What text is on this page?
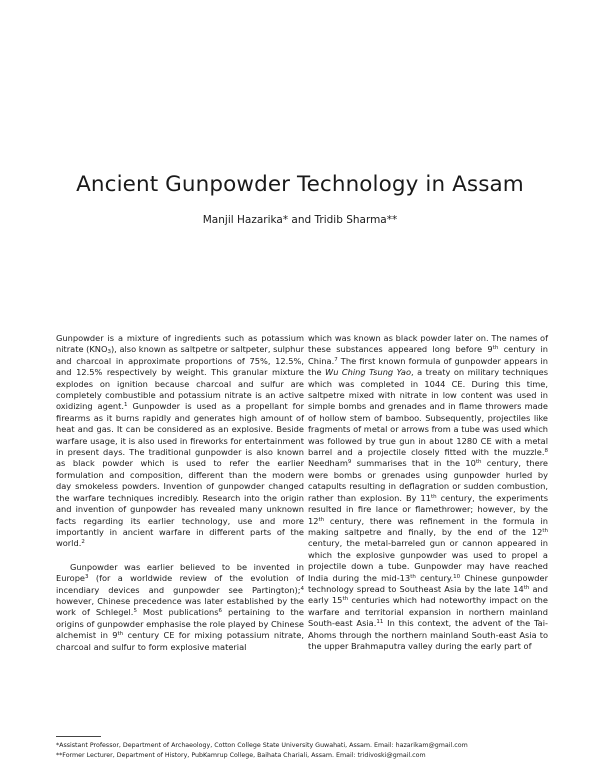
Ancient Gunpowder Technology in Assam
Manjil Hazarika* and Tridib Sharma**

Gunpowder is a mixture of ingredients such as potassium nitrate $(KNO_3)$, also known as saltpetre or saltpeter, sulphur and charcoal in approximate proportions of 75%, 12.5%, and 12.5% respectively by weight. This granular mixture explodes on ignition because charcoal and sulfur are completely combustible and potassium nitrate is an active oxidizing agent.$^1$ Gunpowder is used as a propellant for firearms as it burns rapidly and generates high amount of heat and gas. It can be considered as an explosive. Beside warfare usage, it is also used in fireworks for entertainment in present days. The traditional gunpowder is also known as black powder which is used to refer the earlier formulation and composition, different than the modern day smokeless powders. Invention of gunpowder changed the warfare techniques incredibly. Research into the origin and invention of gunpowder has revealed many unknown facts regarding its earlier technology, use and more importantly in ancient warfare in different parts of the world.$^2$

Gunpowder was earlier believed to be invented in Europe$^3$ (for a worldwide review of the evolution of incendiary devices and gunpowder see Partington);$^4$ however, Chinese precedence was later established by the work of Schlegel.$^5$ Most publications$^6$ pertaining to the origins of gunpowder emphasise the role played by Chinese alchemist in 9th century CE for mixing potassium nitrate, charcoal and sulfur to form explosive material

which was known as black powder later on. The names of these substances appeared long before 9th century in China.$^7$ The first known formula of gunpowder appears in the Wu Ching Tsung Yao, a treaty on military techniques which was completed in 1044 CE. During this time, saltpetre mixed with nitrate in low content was used in simple bombs and grenades and in flame throwers made of hollow stem of bamboo. Subsequently, projectiles like fragments of metal or arrows from a tube was used which was followed by true gun in about 1280 CE with a metal barrel and a projectile closely fitted with the muzzle.$^8$ Needham$^9$ summarises that in the 10th century, there were bombs or grenades using gunpowder hurled by catapults resulting in deflagration or sudden combustion, rather than explosion. By 11th century, the experiments resulted in fire lance or flamethrower; however, by the 12th century, there was refinement in the formula in making saltpetre and finally, by the end of the 12th century, the metal-barreled gun or cannon appeared in which the explosive gunpowder was used to propel a projectile down a tube. Gunpowder may have reached India during the mid-13th century.$^{10}$ Chinese gunpowder technology spread to Southeast Asia by the late 14th and early 15th centuries which had noteworthy impact on the warfare and territorial expansion in northern mainland South-east Asia.$^{11}$ In this context, the advent of the Tai-Ahoms through the northern mainland South-east Asia to the upper Brahmaputra valley during the early part of

*Assistant Professor, Department of Archaeology, Cotton College State University Guwahati, Assam. Email: hazarikam@gmail.com

**Former Lecturer, Department of History, PubKamrup College, Baihata Chariali, Assam. Email: tridivoski@gmail.com
